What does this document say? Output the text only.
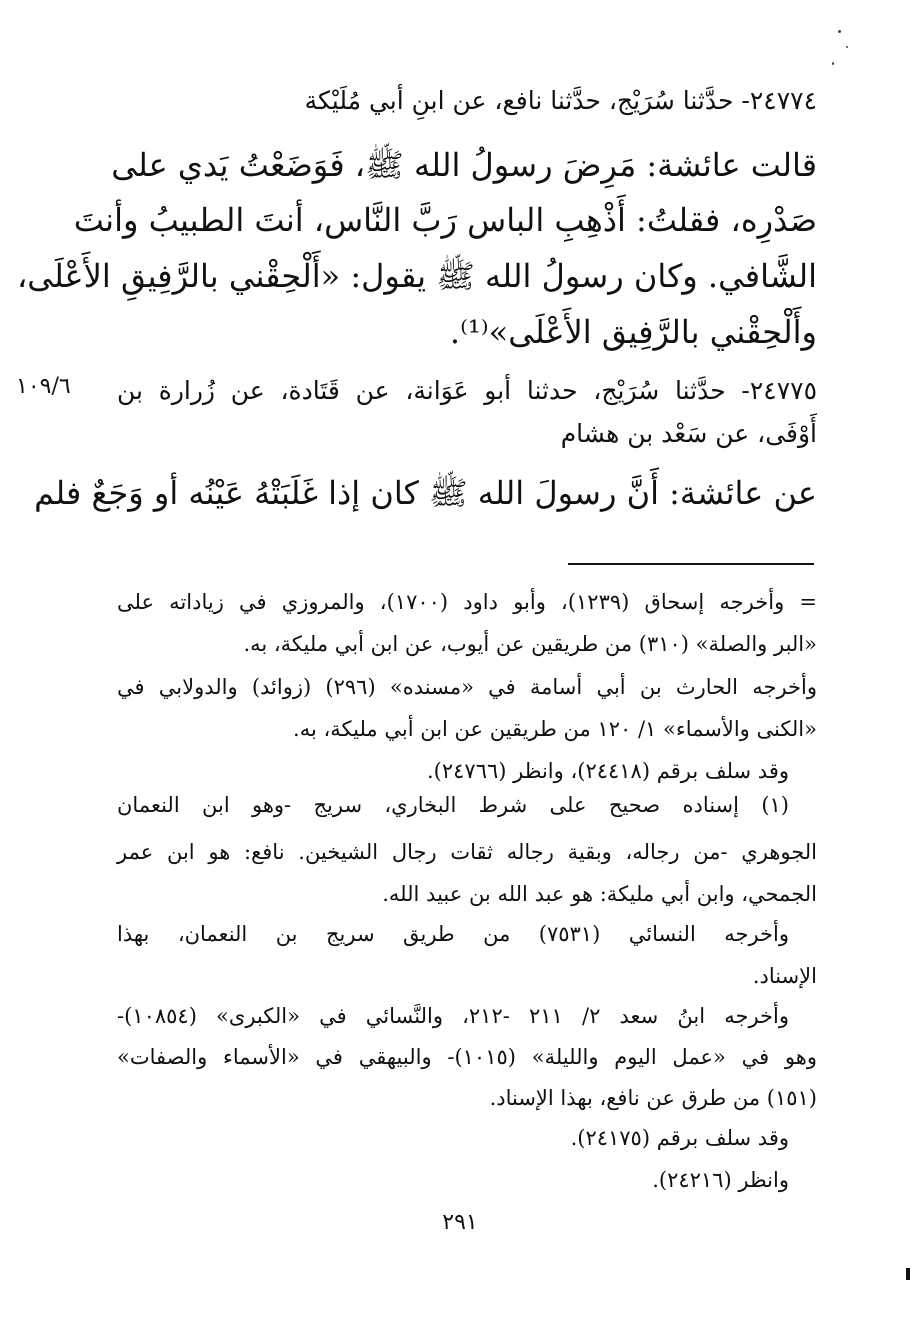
٢٤٧٧٤- حدَّثنا سُرَيْج، حدَّثنا نافع، عن ابنِ أبي مُلَيْكة
قالت عائشة: مَرِضَ رسولُ الله ﷺ، فَوَضَعْتُ يَدي على
صَدْرِه، فقلتُ: أَذْهِبِ الباس رَبَّ النَّاس، أنتَ الطبيبُ وأنتَ
الشَّافي. وكان رسولُ الله ﷺ يقول: «أَلْحِقْني بالرَّفِيقِ الأَعْلَى،
وأَلْحِقْني بالرَّفِيق الأَعْلَى»⁽¹⁾.
١٠٩/٦ ٢٤٧٧٥- حدَّثنا سُرَيْج، حدثنا أبو عَوَانة، عن قَتَادة، عن زُرارة بن
أَوْفَى، عن سَعْد بن هشام
عن عائشة: أَنَّ رسولَ الله ﷺ كان إذا غَلَبَتْهُ عَيْنُه أو وَجَعٌ فلم
= وأخرجه إسحاق (١٢٣٩)، وأبو داود (١٧٠٠)، والمروزي في زياداته على
«البر والصلة» (٣١٠) من طريقين عن أيوب، عن ابن أبي مليكة، به.
وأخرجه الحارث بن أبي أسامة في «مسنده» (٢٩٦) (زوائد) والدولابي في
«الكنى والأسماء» ١/ ١٢٠ من طريقين عن ابن أبي مليكة، به.
وقد سلف برقم (٢٤٤١٨)، وانظر (٢٤٧٦٦).
(١) إسناده صحيح على شرط البخاري، سريج -وهو ابن النعمان
الجوهري -من رجاله، وبقية رجاله ثقات رجال الشيخين. نافع: هو ابن عمر
الجمحي، وابن أبي مليكة: هو عبد الله بن عبيد الله.
وأخرجه النسائي (٧٥٣١) من طريق سريج بن النعمان، بهذا
الإسناد.
وأخرجه ابنُ سعد ٢/ ٢١١ -٢١٢، والنَّسائي في «الكبرى» (١٠٨٥٤)-
وهو في «عمل اليوم والليلة» (١٠١٥)- والبيهقي في «الأسماء والصفات»
(١٥١) من طرق عن نافع، بهذا الإسناد.
وقد سلف برقم (٢٤١٧٥).
وانظر (٢٤٢١٦).
٢٩١
